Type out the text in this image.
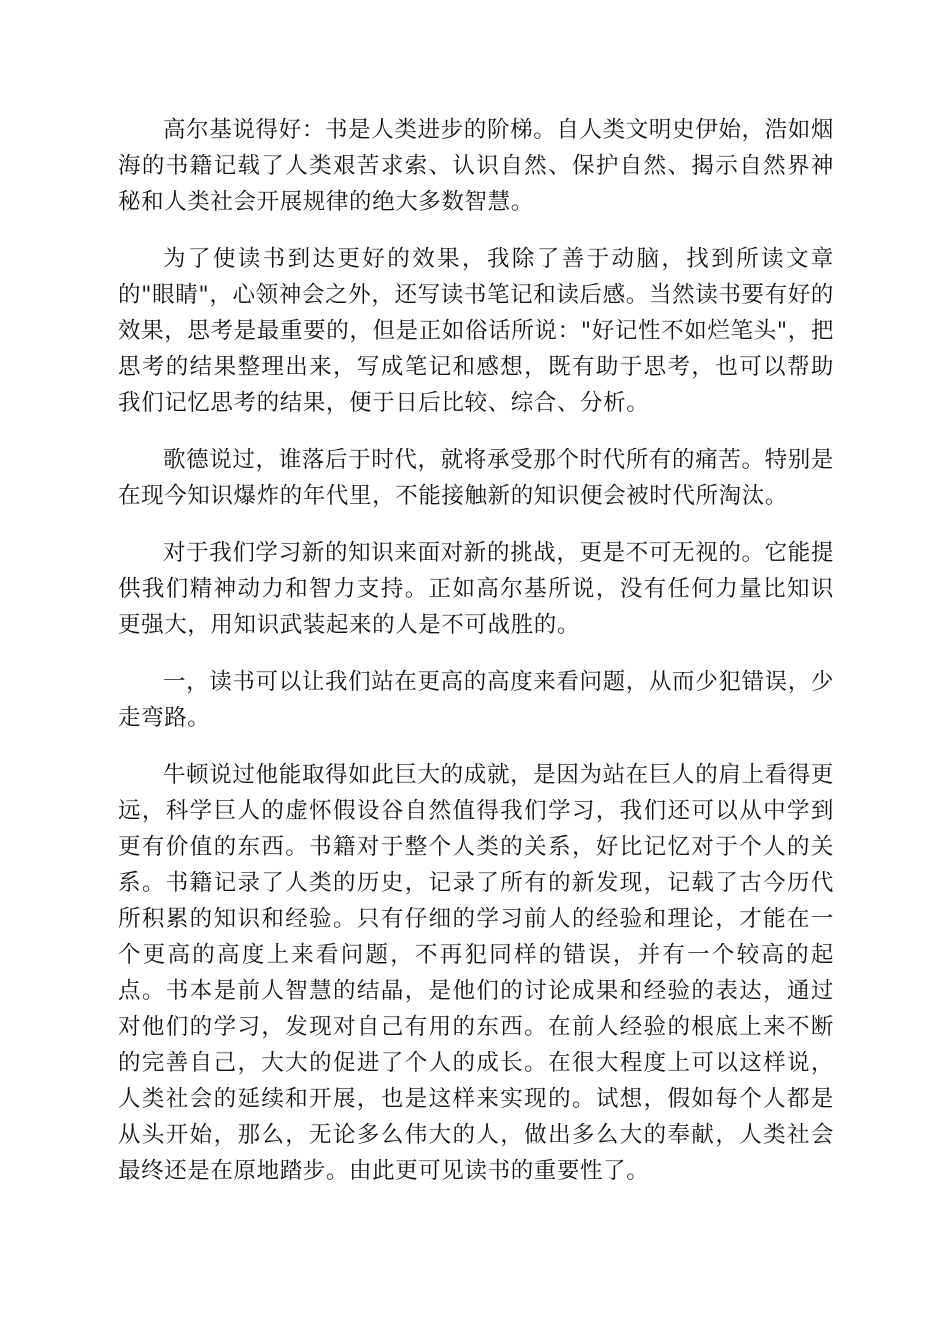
高尔基说得好：书是人类进步的阶梯。自人类文明史伊始，浩如烟海的书籍记载了人类艰苦求索、认识自然、保护自然、揭示自然界神秘和人类社会开展规律的绝大多数智慧。

为了使读书到达更好的效果，我除了善于动脑，找到所读文章的"眼睛"，心领神会之外，还写读书笔记和读后感。当然读书要有好的效果，思考是最重要的，但是正如俗话所说："好记性不如烂笔头"，把思考的结果整理出来，写成笔记和感想，既有助于思考，也可以帮助我们记忆思考的结果，便于日后比较、综合、分析。

歌德说过，谁落后于时代，就将承受那个时代所有的痛苦。特别是在现今知识爆炸的年代里，不能接触新的知识便会被时代所淘汰。

对于我们学习新的知识来面对新的挑战，更是不可无视的。它能提供我们精神动力和智力支持。正如高尔基所说，没有任何力量比知识更强大，用知识武装起来的人是不可战胜的。

一，读书可以让我们站在更高的高度来看问题，从而少犯错误，少走弯路。

牛顿说过他能取得如此巨大的成就，是因为站在巨人的肩上看得更远，科学巨人的虚怀假设谷自然值得我们学习，我们还可以从中学到更有价值的东西。书籍对于整个人类的关系，好比记忆对于个人的关系。书籍记录了人类的历史，记录了所有的新发现，记载了古今历代所积累的知识和经验。只有仔细的学习前人的经验和理论，才能在一个更高的高度上来看问题，不再犯同样的错误，并有一个较高的起点。书本是前人智慧的结晶，是他们的讨论成果和经验的表达，通过对他们的学习，发现对自己有用的东西。在前人经验的根底上来不断的完善自己，大大的促进了个人的成长。在很大程度上可以这样说，人类社会的延续和开展，也是这样来实现的。试想，假如每个人都是从头开始，那么，无论多么伟大的人，做出多么大的奉献，人类社会最终还是在原地踏步。由此更可见读书的重要性了。
